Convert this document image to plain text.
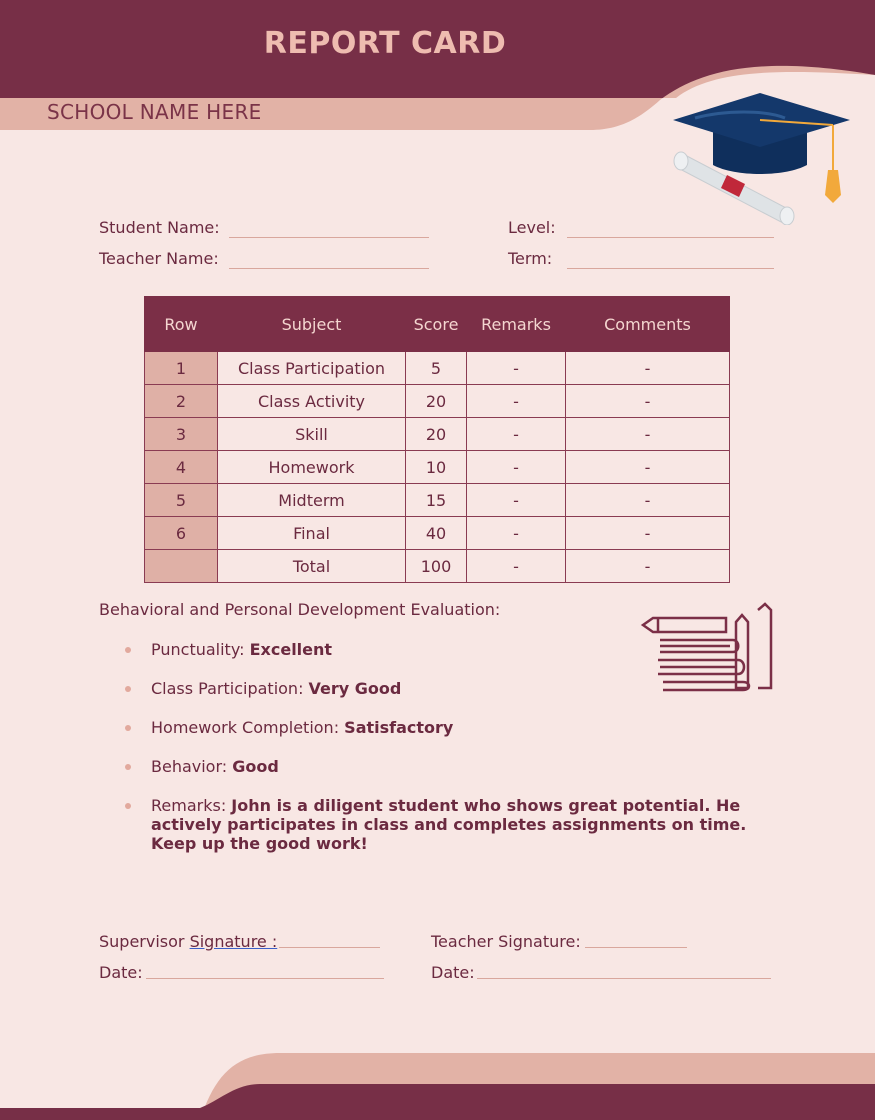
REPORT CARD
SCHOOL NAME HERE
Student Name:
Teacher Name:
Level:
Term:
Row	Subject	Score	Remarks	Comments
1	Class Participation	5	-	-
2	Class Activity	20	-	-
3	Skill	20	-	-
4	Homework	10	-	-
5	Midterm	15	-	-
6	Final	40	-	-
	Total	100	-	-
Behavioral and Personal Development Evaluation:
Punctuality: Excellent
Class Participation: Very Good
Homework Completion: Satisfactory
Behavior: Good
Remarks: John is a diligent student who shows great potential. He actively participates in class and completes assignments on time. Keep up the good work!
Supervisor Signature :	Teacher Signature:
Date:	Date:
